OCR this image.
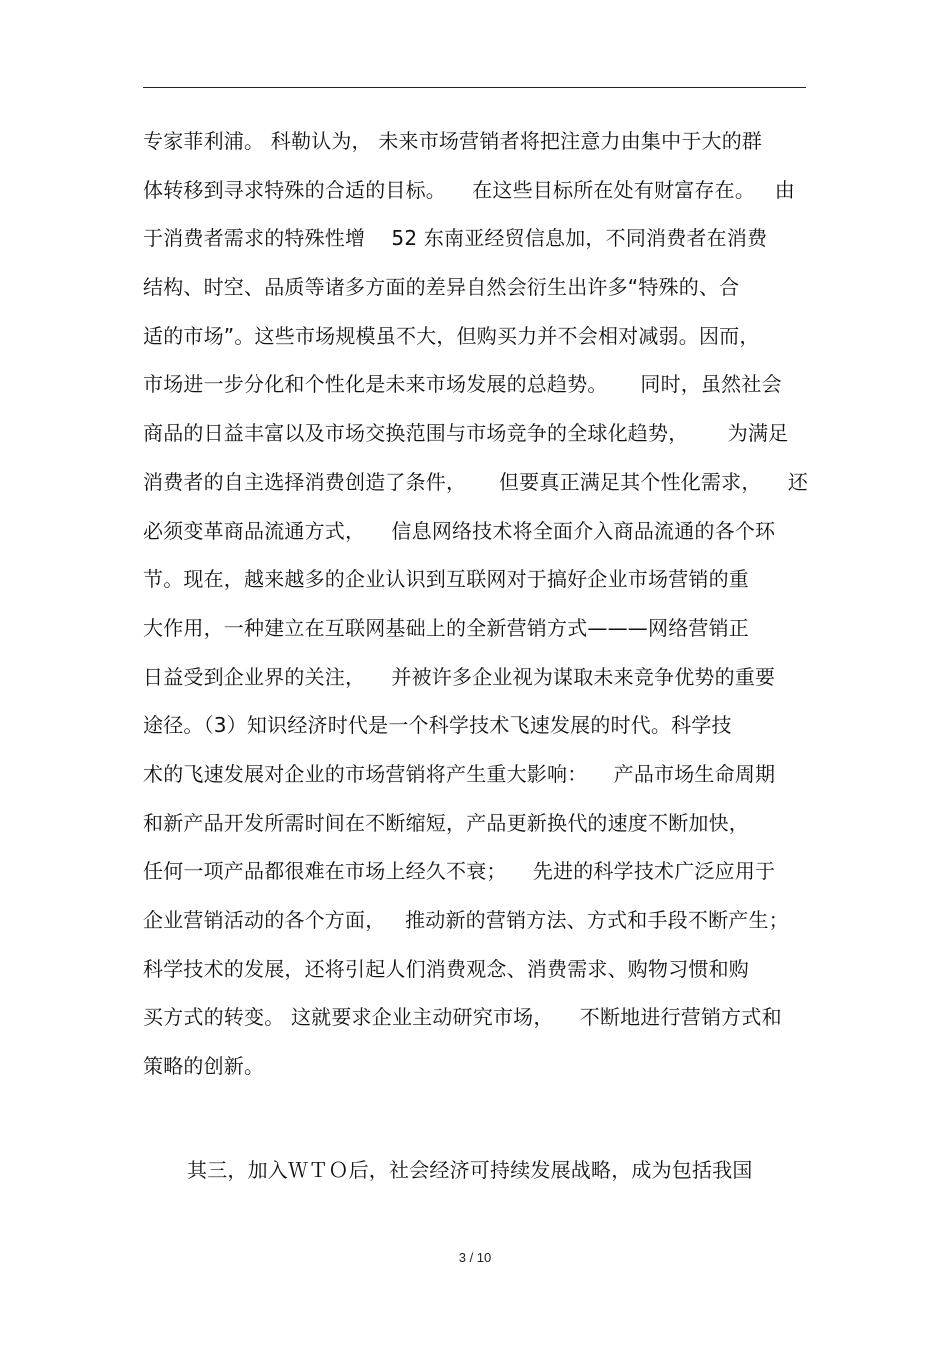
专家菲利浦。 科勒认为， 未来市场营销者将把注意力由集中于大的群
体转移到寻求特殊的合适的目标。    在这些目标所在处有财富存在。   由
于消费者需求的特殊性增    52 东南亚经贸信息加，不同消费者在消费
结构、时空、品质等诸多方面的差异自然会衍生出许多“特殊的、合
适的市场”。这些市场规模虽不大，但购买力并不会相对减弱。因而，
市场进一步分化和个性化是未来市场发展的总趋势。     同时，虽然社会
商品的日益丰富以及市场交换范围与市场竞争的全球化趋势，      为满足
消费者的自主选择消费创造了条件，     但要真正满足其个性化需求，    还
必须变革商品流通方式，    信息网络技术将全面介入商品流通的各个环
节。现在，越来越多的企业认识到互联网对于搞好企业市场营销的重
大作用，一种建立在互联网基础上的全新营销方式———网络营销正
日益受到企业界的关注，    并被许多企业视为谋取未来竞争优势的重要
途径。（3）知识经济时代是一个科学技术飞速发展的时代。科学技
术的飞速发展对企业的市场营销将产生重大影响：    产品市场生命周期
和新产品开发所需时间在不断缩短，产品更新换代的速度不断加快，
任何一项产品都很难在市场上经久不衰；    先进的科学技术广泛应用于
企业营销活动的各个方面，   推动新的营销方法、方式和手段不断产生；
科学技术的发展，还将引起人们消费观念、消费需求、购物习惯和购
买方式的转变。 这就要求企业主动研究市场，    不断地进行营销方式和
策略的创新。
其三，加入ＷＴＯ后，社会经济可持续发展战略，成为包括我国
3 / 10
